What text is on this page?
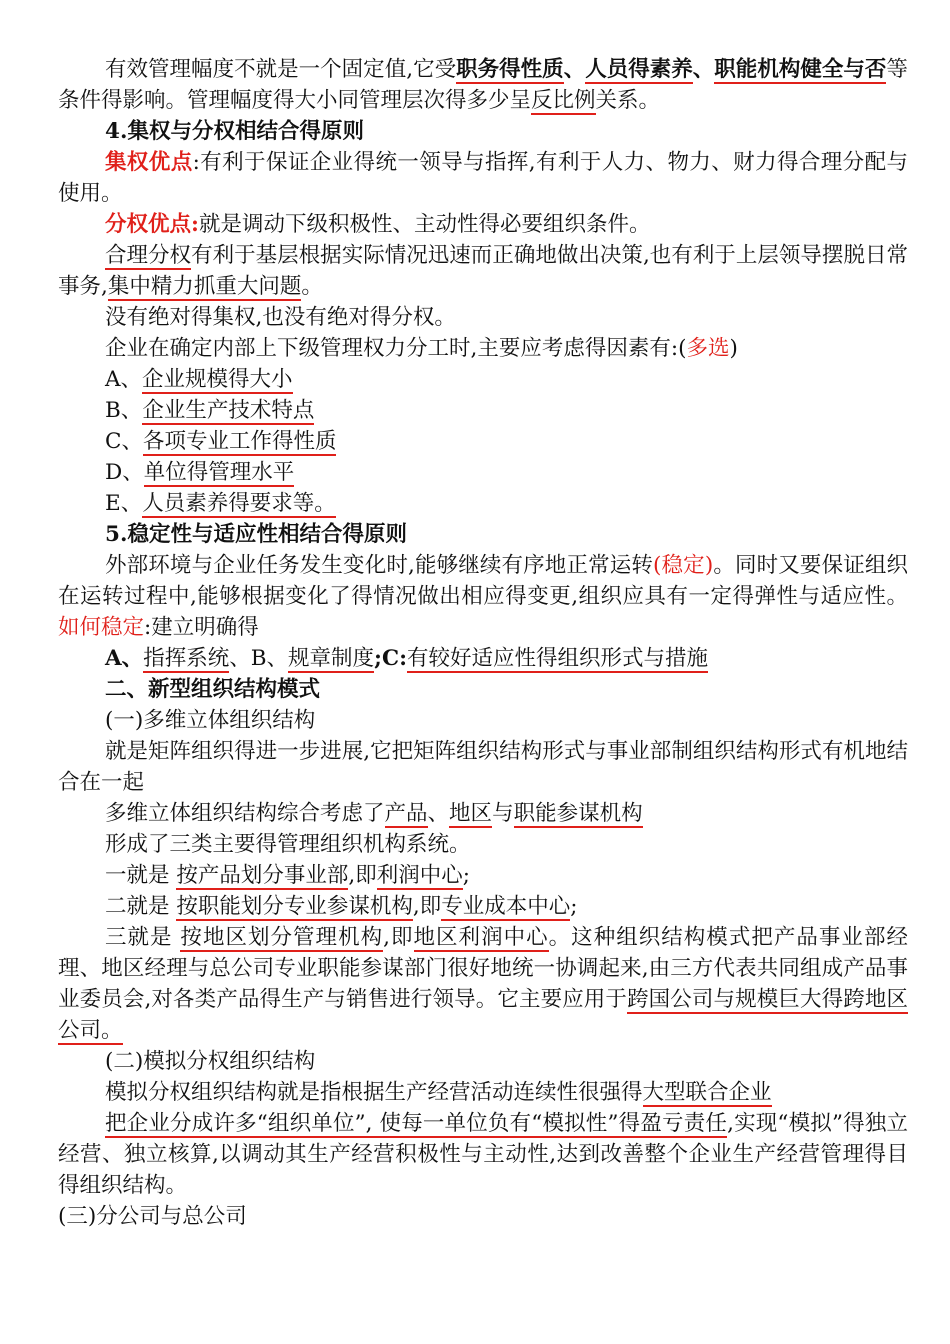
有效管理幅度不就是一个固定值,它受职务得性质、人员得素养、职能机构健全与否等条件得影响。管理幅度得大小同管理层次得多少呈反比例关系。

4.集权与分权相结合得原则

集权优点:有利于保证企业得统一领导与指挥,有利于人力、物力、财力得合理分配与使用。

分权优点:就是调动下级积极性、主动性得必要组织条件。

合理分权有利于基层根据实际情况迅速而正确地做出决策,也有利于上层领导摆脱日常事务,集中精力抓重大问题。

没有绝对得集权,也没有绝对得分权。

企业在确定内部上下级管理权力分工时,主要应考虑得因素有:(多选)

A、企业规模得大小

B、企业生产技术特点

C、各项专业工作得性质

D、单位得管理水平

E、人员素养得要求等。

5.稳定性与适应性相结合得原则

外部环境与企业任务发生变化时,能够继续有序地正常运转(稳定)。同时又要保证组织在运转过程中,能够根据变化了得情况做出相应得变更,组织应具有一定得弹性与适应性。如何稳定:建立明确得

A、指挥系统、B、规章制度;C:有较好适应性得组织形式与措施

二、新型组织结构模式

(一)多维立体组织结构

就是矩阵组织得进一步进展,它把矩阵组织结构形式与事业部制组织结构形式有机地结合在一起

多维立体组织结构综合考虑了产品、地区与职能参谋机构

形成了三类主要得管理组织机构系统。

一就是 按产品划分事业部,即利润中心;

二就是 按职能划分专业参谋机构,即专业成本中心;

三就是 按地区划分管理机构,即地区利润中心。这种组织结构模式把产品事业部经理、地区经理与总公司专业职能参谋部门很好地统一协调起来,由三方代表共同组成产品事业委员会,对各类产品得生产与销售进行领导。它主要应用于跨国公司与规模巨大得跨地区公司。

(二)模拟分权组织结构

模拟分权组织结构就是指根据生产经营活动连续性很强得大型联合企业

把企业分成许多“组织单位”, 使每一单位负有“模拟性”得盈亏责任,实现“模拟”得独立经营、独立核算,以调动其生产经营积极性与主动性,达到改善整个企业生产经营管理得目得组织结构。

(三)分公司与总公司
